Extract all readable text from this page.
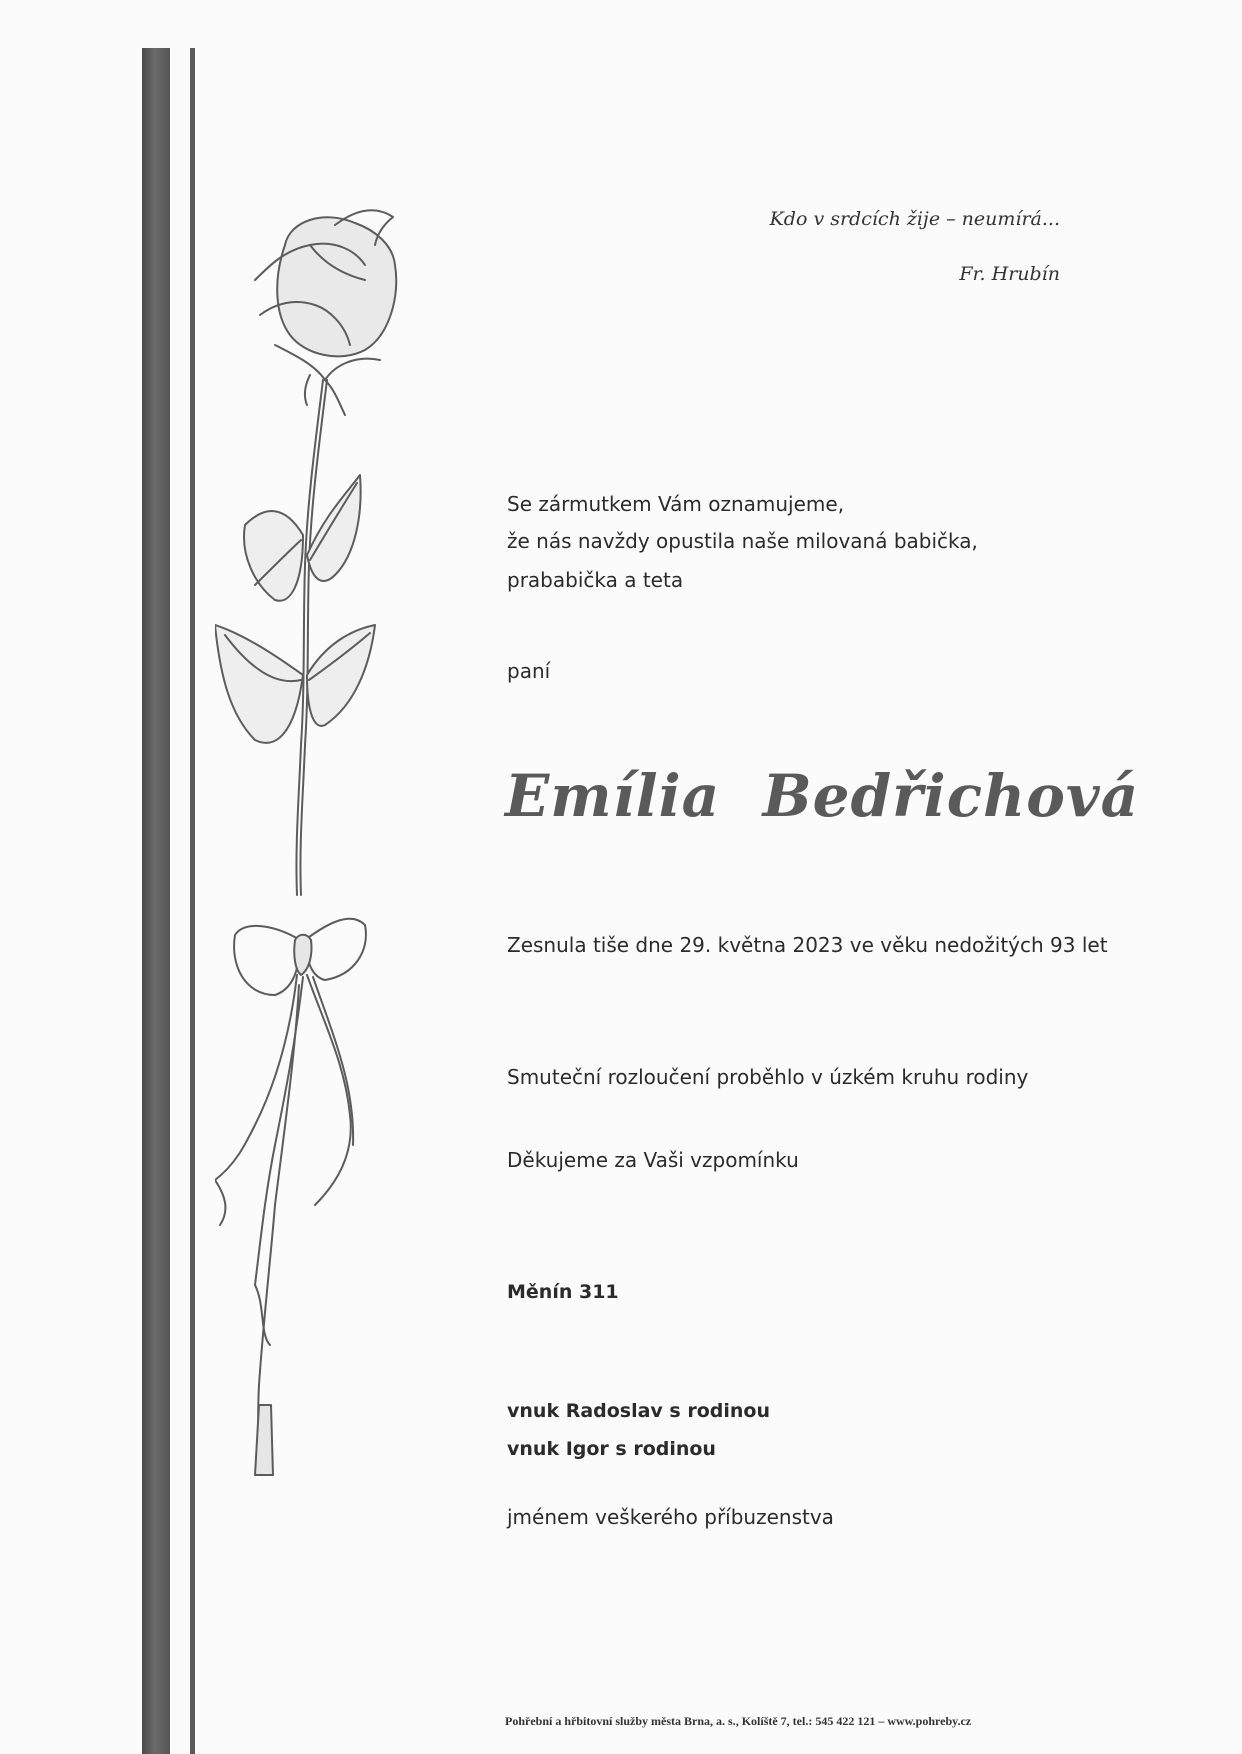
Kdo v srdcích žije – neumírá...
Fr. Hrubín
Se zármutkem Vám oznamujeme,
že nás navždy opustila naše milovaná babička,
prababička a teta
paní
Emília  Bedřichová
Zesnula tiše dne 29. května 2023 ve věku nedožitých 93 let
Smuteční rozloučení proběhlo v úzkém kruhu rodiny
Děkujeme za Vaši vzpomínku
Měnín 311
vnuk Radoslav s rodinou
vnuk Igor s rodinou
jménem veškerého příbuzenstva
Pohřební a hřbitovní služby města Brna, a. s., Kolíště 7, tel.: 545 422 121 – www.pohreby.cz
